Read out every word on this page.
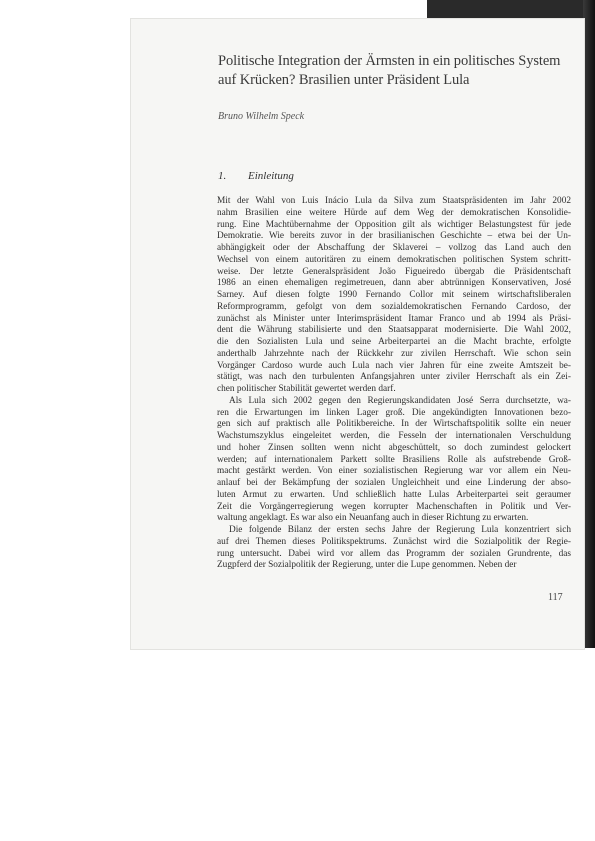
Politische Integration der Ärmsten in ein politisches System
auf Krücken? Brasilien unter Präsident Lula
Bruno Wilhelm Speck
1. Einleitung
Mit der Wahl von Luis Inácio Lula da Silva zum Staatspräsidenten im Jahr 2002
nahm Brasilien eine weitere Hürde auf dem Weg der demokratischen Konsolidie-
rung. Eine Machtübernahme der Opposition gilt als wichtiger Belastungstest für jede
Demokratie. Wie bereits zuvor in der brasilianischen Geschichte – etwa bei der Un-
abhängigkeit oder der Abschaffung der Sklaverei – vollzog das Land auch den
Wechsel von einem autoritären zu einem demokratischen politischen System schritt-
weise. Der letzte Generalspräsident João Figueiredo übergab die Präsidentschaft
1986 an einen ehemaligen regimetreuen, dann aber abtrünnigen Konservativen, José
Sarney. Auf diesen folgte 1990 Fernando Collor mit seinem wirtschaftsliberalen
Reformprogramm, gefolgt von dem sozialdemokratischen Fernando Cardoso, der
zunächst als Minister unter Interimspräsident Itamar Franco und ab 1994 als Präsi-
dent die Währung stabilisierte und den Staatsapparat modernisierte. Die Wahl 2002,
die den Sozialisten Lula und seine Arbeiterpartei an die Macht brachte, erfolgte
anderthalb Jahrzehnte nach der Rückkehr zur zivilen Herrschaft. Wie schon sein
Vorgänger Cardoso wurde auch Lula nach vier Jahren für eine zweite Amtszeit be-
stätigt, was nach den turbulenten Anfangsjahren unter ziviler Herrschaft als ein Zei-
chen politischer Stabilität gewertet werden darf.
Als Lula sich 2002 gegen den Regierungskandidaten José Serra durchsetzte, wa-
ren die Erwartungen im linken Lager groß. Die angekündigten Innovationen bezo-
gen sich auf praktisch alle Politikbereiche. In der Wirtschaftspolitik sollte ein neuer
Wachstumszyklus eingeleitet werden, die Fesseln der internationalen Verschuldung
und hoher Zinsen sollten wenn nicht abgeschüttelt, so doch zumindest gelockert
werden; auf internationalem Parkett sollte Brasiliens Rolle als aufstrebende Groß-
macht gestärkt werden. Von einer sozialistischen Regierung war vor allem ein Neu-
anlauf bei der Bekämpfung der sozialen Ungleichheit und eine Linderung der abso-
luten Armut zu erwarten. Und schließlich hatte Lulas Arbeiterpartei seit geraumer
Zeit die Vorgängerregierung wegen korrupter Machenschaften in Politik und Ver-
waltung angeklagt. Es war also ein Neuanfang auch in dieser Richtung zu erwarten.
Die folgende Bilanz der ersten sechs Jahre der Regierung Lula konzentriert sich
auf drei Themen dieses Politikspektrums. Zunächst wird die Sozialpolitik der Regie-
rung untersucht. Dabei wird vor allem das Programm der sozialen Grundrente, das
Zugpferd der Sozialpolitik der Regierung, unter die Lupe genommen. Neben der
117
